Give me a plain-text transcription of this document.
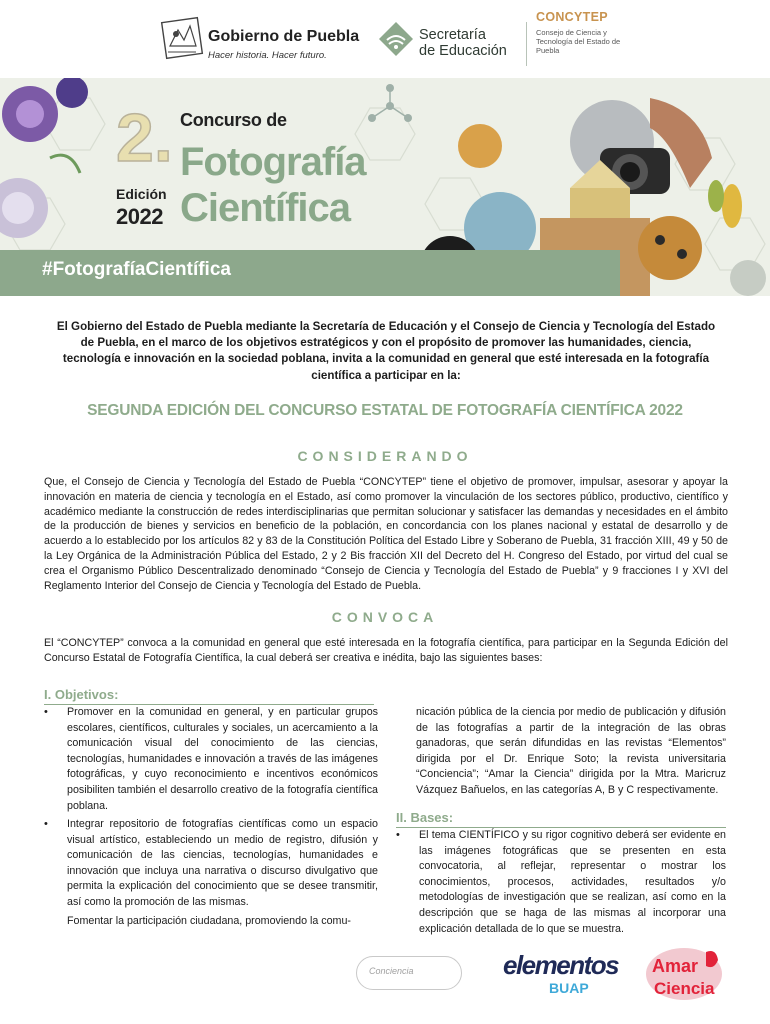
Gobierno de Puebla
Hacer historia. Hacer futuro.
Secretaría
de Educación
CONCYTEP
Consejo de Ciencia y Tecnología del Estado de Puebla
2. Concurso de
Fotografía
Científica
Edición
2022
#FotografíaCientífica
El Gobierno del Estado de Puebla mediante la Secretaría de Educación y el Consejo de Ciencia y Tecnología del Estado de Puebla, en el marco de los objetivos estratégicos y con el propósito de promover las humanidades, ciencia, tecnología e innovación en la sociedad poblana, invita a la comunidad en general que esté interesada en la fotografía científica a participar en la:
SEGUNDA EDICIÓN DEL CONCURSO ESTATAL DE FOTOGRAFÍA CIENTÍFICA 2022
CONSIDERANDO
Que, el Consejo de Ciencia y Tecnología del Estado de Puebla “CONCYTEP” tiene el objetivo de promover, impulsar, asesorar y apoyar la innovación en materia de ciencia y tecnología en el Estado, así como promover la vinculación de los sectores público, productivo, científico y académico mediante la construcción de redes interdisciplinarias que permitan solucionar y satisfacer las demandas y necesidades en el ámbito de la producción de bienes y servicios en beneficio de la población, en concordancia con los planes nacional y estatal de desarrollo y de acuerdo a lo establecido por los artículos 82 y 83 de la Constitución Política del Estado Libre y Soberano de Puebla, 31 fracción XIII, 49 y 50 de la Ley Orgánica de la Administración Pública del Estado, 2 y 2 Bis fracción XII del Decreto del H. Congreso del Estado, por virtud del cual se crea el Organismo Público Descentralizado denominado “Consejo de Ciencia y Tecnología del Estado de Puebla” y 9 fracciones I y XVI del Reglamento Interior del Consejo de Ciencia y Tecnología del Estado de Puebla.
CONVOCA
El “CONCYTEP” convoca a la comunidad en general que esté interesada en la fotografía científica, para participar en la Segunda Edición del Concurso Estatal de Fotografía Científica, la cual deberá ser creativa e inédita, bajo las siguientes bases:
I. Objetivos:
• Promover en la comunidad en general, y en particular grupos escolares, científicos, culturales y sociales, un acercamiento a la comunicación visual del conocimiento de las ciencias, tecnologías, humanidades e innovación a través de las imágenes fotográficas, y cuyo reconocimiento e incentivos económicos posibiliten también el desarrollo creativo de la fotografía científica poblana.
• Integrar repositorio de fotografías científicas como un espacio visual artístico, estableciendo un medio de registro, difusión y comunicación de las ciencias, tecnologías, humanidades e innovación que incluya una narrativa o discurso divulgativo que permita la explicación del conocimiento que se desee transmitir, así como la promoción de las mismas.
Fomentar la participación ciudadana, promoviendo la comu-
nicación pública de la ciencia por medio de publicación y difusión de las fotografías a partir de la integración de las obras ganadoras, que serán difundidas en las revistas “Elementos” dirigida por el Dr. Enrique Soto; la revista universitaria “Conciencia”; “Amar la Ciencia” dirigida por la Mtra. Maricruz Vázquez Bañuelos, en las categorías A, B y C respectivamente.
II. Bases:
• El tema CIENTÍFICO y su rigor cognitivo deberá ser evidente en las imágenes fotográficas que se presenten en esta convocatoria, al reflejar, representar o mostrar los conocimientos, procesos, actividades, resultados y/o metodologías de investigación que se realizan, así como en la descripción que se haga de las mismas al incorporar una explicación detallada de lo que se muestra.
Conciencia	elementos
BUAP
Amar
Ciencia
